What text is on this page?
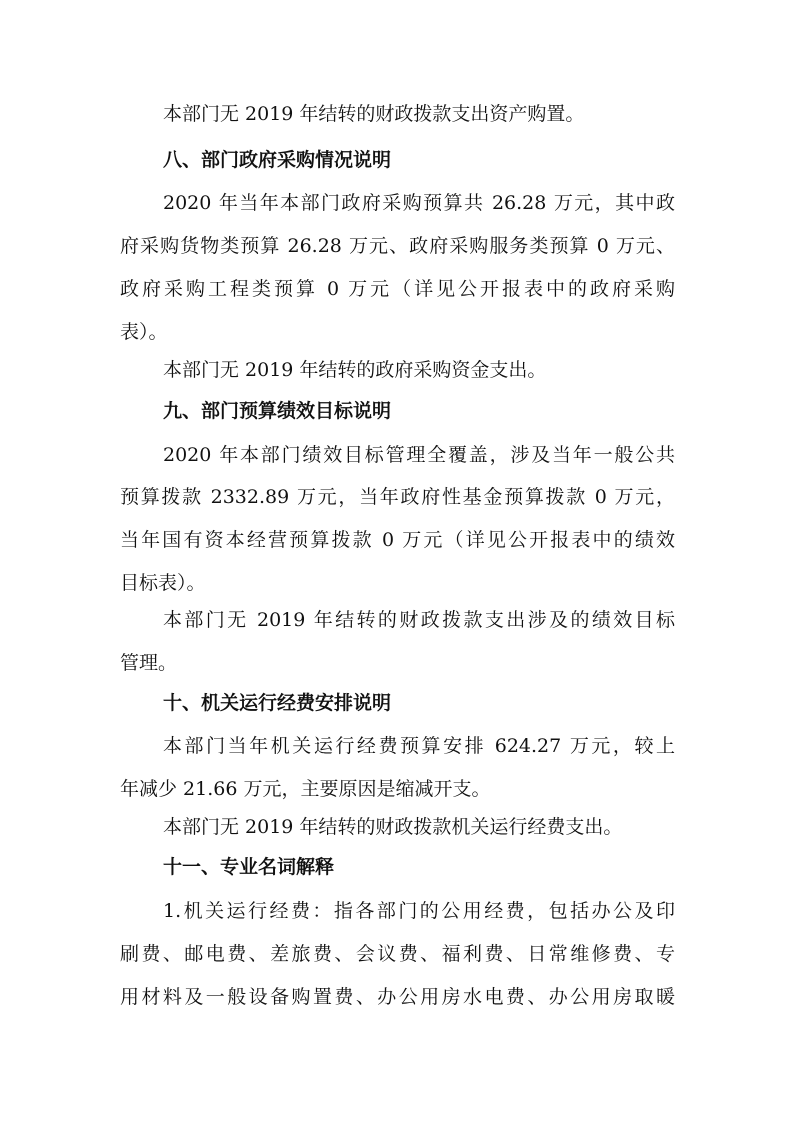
本部门无 2019 年结转的财政拨款支出资产购置。
八、部门政府采购情况说明
2020 年当年本部门政府采购预算共 26.28 万元，其中政
府采购货物类预算 26.28 万元、政府采购服务类预算 0 万元、
政府采购工程类预算 0 万元（详见公开报表中的政府采购
表）。
本部门无 2019 年结转的政府采购资金支出。
九、部门预算绩效目标说明
2020 年本部门绩效目标管理全覆盖，涉及当年一般公共
预算拨款 2332.89 万元，当年政府性基金预算拨款 0 万元，
当年国有资本经营预算拨款 0 万元（详见公开报表中的绩效
目标表）。
本部门无 2019 年结转的财政拨款支出涉及的绩效目标
管理。
十、机关运行经费安排说明
本部门当年机关运行经费预算安排 624.27 万元，较上
年减少 21.66 万元，主要原因是缩减开支。
本部门无 2019 年结转的财政拨款机关运行经费支出。
十一、专业名词解释
1.机关运行经费：指各部门的公用经费，包括办公及印
刷费、邮电费、差旅费、会议费、福利费、日常维修费、专
用材料及一般设备购置费、办公用房水电费、办公用房取暖
